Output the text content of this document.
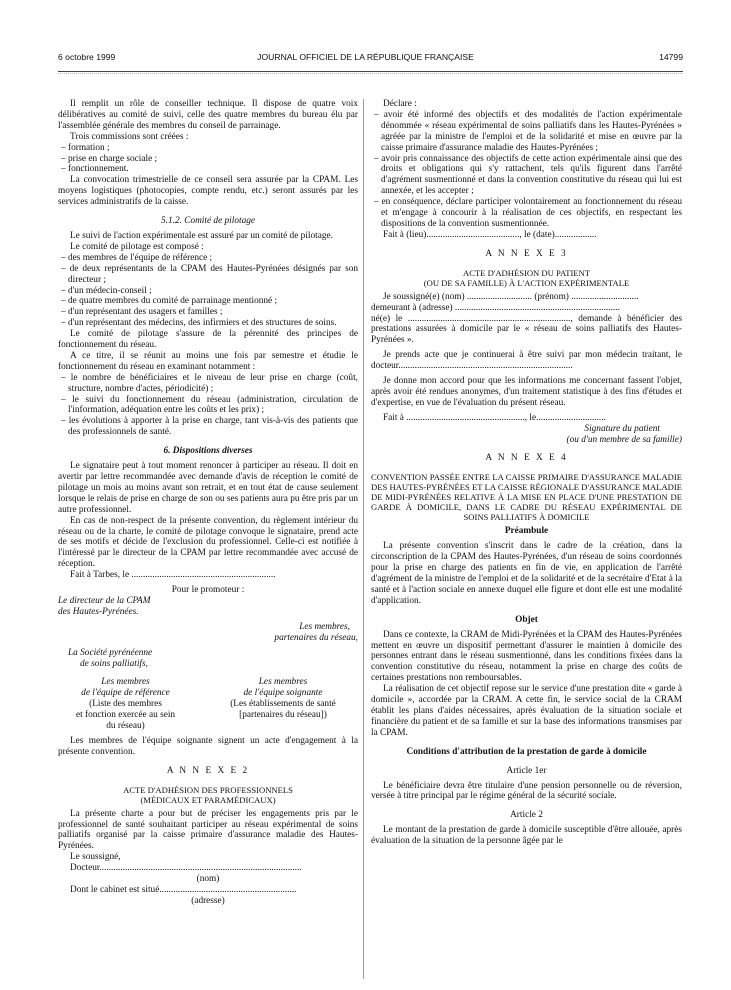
6 octobre 1999	JOURNAL OFFICIEL DE LA RÉPUBLIQUE FRANÇAISE	14799

Il remplit un rôle de conseiller technique. Il dispose de quatre voix délibératives au comité de suivi, celle des quatre membres du bureau élu par l'assemblée générale des membres du conseil de parrainage.

Trois commissions sont créées :

– formation ;

– prise en charge sociale ;

– fonctionnement.

La convocation trimestrielle de ce conseil sera assurée par la CPAM. Les moyens logistiques (photocopies, compte rendu, etc.) seront assurés par les services administratifs de la caisse.

5.1.2. Comité de pilotage

Le suivi de l'action expérimentale est assuré par un comité de pilotage.

Le comité de pilotage est composé :

– des membres de l'équipe de référence ;

– de deux représentants de la CPAM des Hautes-Pyrénées désignés par son directeur ;

– d'un médecin-conseil ;

– de quatre membres du comité de parrainage mentionné ;

– d'un représentant des usagers et familles ;

– d'un représentant des médecins, des infirmiers et des structures de soins.

Le comité de pilotage s'assure de la pérennité des principes de fonctionnement du réseau.

A ce titre, il se réunit au moins une fois par semestre et étudie le fonctionnement du réseau en examinant notamment :

– le nombre de bénéficiaires et le niveau de leur prise en charge (coût, structure, nombre d'actes, périodicité) ;

– le suivi du fonctionnement du réseau (administration, circulation de l'information, adéquation entre les coûts et les prix) ;

– les évolutions à apporter à la prise en charge, tant vis-à-vis des patients que des professionnels de santé.

6. Dispositions diverses

Le signataire peut à tout moment renoncer à participer au réseau. Il doit en avertir par lettre recommandée avec demande d'avis de réception le comité de pilotage un mois au moins avant son retrait, et en tout état de cause seulement lorsque le relais de prise en charge de son ou ses patients aura pu être pris par un autre professionnel.

En cas de non-respect de la présente convention, du règlement intérieur du réseau ou de la charte, le comité de pilotage convoque le signataire, prend acte de ses motifs et décide de l'exclusion du professionnel. Celle-ci est notifiée à l'intéressé par le directeur de la CPAM par lettre recommandée avec accusé de réception.

Fait à Tarbes, le ..............................................................

Pour le promoteur :

Le directeur de la CPAM

des Hautes-Pyrénées.

Les membres,

partenaires du réseau,

La Société pyrénéenne

de soins palliatifs,

Les membres
de l'équipe de référence
(Liste des membres
et fonction exercée au sein
du réseau)
Les membres
de l'équipe soignante
(Les établissements de santé
[partenaires du réseau])

Les membres de l'équipe soignante signent un acte d'engagement à la présente convention.

A N N E X E 2

ACTE D'ADHÉSION DES PROFESSIONNELS

(MÉDICAUX ET PARAMÉDICAUX)

La présente charte a pour but de préciser les engagements pris par le professionnel de santé souhaitant participer au réseau expérimental de soins palliatifs organisé par la caisse primaire d'assurance maladie des Hautes-Pyrénées.

Le soussigné,

Docteur.......................................................................................

(nom)

Dont le cabinet est situé...........................................................

(adresse)

Déclare :

– avoir été informé des objectifs et des modalités de l'action expérimentale dénommée « réseau expérimental de soins palliatifs dans les Hautes-Pyrénées » agréée par la ministre de l'emploi et de la solidarité et mise en œuvre par la caisse primaire d'assurance maladie des Hautes-Pyrénées ;

– avoir pris connaissance des objectifs de cette action expérimentale ainsi que des droits et obligations qui s'y rattachent, tels qu'ils figurent dans l'arrêté d'agrément susmentionné et dans la convention constitutive du réseau qui lui est annexée, et les accepter ;

– en conséquence, déclare participer volontairement au fonctionnement du réseau et m'engage à concourir à la réalisation de ces objectifs, en respectant les dispositions de la convention susmentionnée.

Fait à (lieu)........................................, le (date)..................

A N N E X E 3

ACTE D'ADHÉSION DU PATIENT

(OU DE SA FAMILLE) À L'ACTION EXPÉRIMENTALE

Je soussigné(e) (nom) ............................ (prénom) .............................

demeurant à (adresse) .......................................................................

né(e) le ......................................................................, demande à bénéficier des prestations assurées à domicile par le « réseau de soins palliatifs des Hautes-Pyrénées ».

Je prends acte que je continuerai à être suivi par mon médecin traitant, le docteur...........................................................................

Je donne mon accord pour que les informations me concernant fassent l'objet, après avoir été rendues anonymes, d'un traitement statistique à des fins d'études et d'expertise, en vue de l'évaluation du présent réseau.

Fait à ..................................................., le..............................

Signature du patient

(ou d'un membre de sa famille)

A N N E X E 4

CONVENTION PASSÉE ENTRE LA CAISSE PRIMAIRE D'ASSURANCE MALADIE DES HAUTES-PYRÉNÉES ET LA CAISSE RÉGIONALE D'ASSURANCE MALADIE DE MIDI-PYRÉNÉES RELATIVE À LA MISE EN PLACE D'UNE PRESTATION DE GARDE À DOMICILE, DANS LE CADRE DU RÉSEAU EXPÉRIMENTAL DE SOINS PALLIATIFS À DOMICILE

Préambule

La présente convention s'inscrit dans le cadre de la création, dans la circonscription de la CPAM des Hautes-Pyrénées, d'un réseau de soins coordonnés pour la prise en charge des patients en fin de vie, en application de l'arrêté d'agrément de la ministre de l'emploi et de la solidarité et de la secrétaire d'Etat à la santé et à l'action sociale en annexe duquel elle figure et dont elle est une modalité d'application.

Objet

Dans ce contexte, la CRAM de Midi-Pyrénées et la CPAM des Hautes-Pyrénées mettent en œuvre un dispositif permettant d'assurer le maintien à domicile des personnes entrant dans le réseau susmentionné, dans les conditions fixées dans la convention constitutive du réseau, notamment la prise en charge des coûts de certaines prestations non remboursables.

La réalisation de cet objectif repose sur le service d'une prestation dite « garde à domicile », accordée par la CRAM. A cette fin, le service social de la CRAM établit les plans d'aides nécessaires, après évaluation de la situation sociale et financière du patient et de sa famille et sur la base des informations transmises par la CPAM.

Conditions d'attribution de la prestation de garde à domicile

Article 1er

Le bénéficiaire devra être titulaire d'une pension personnelle ou de réversion, versée à titre principal par le régime général de la sécurité sociale.

Article 2

Le montant de la prestation de garde à domicile susceptible d'être allouée, après évaluation de la situation de la personne âgée par le
